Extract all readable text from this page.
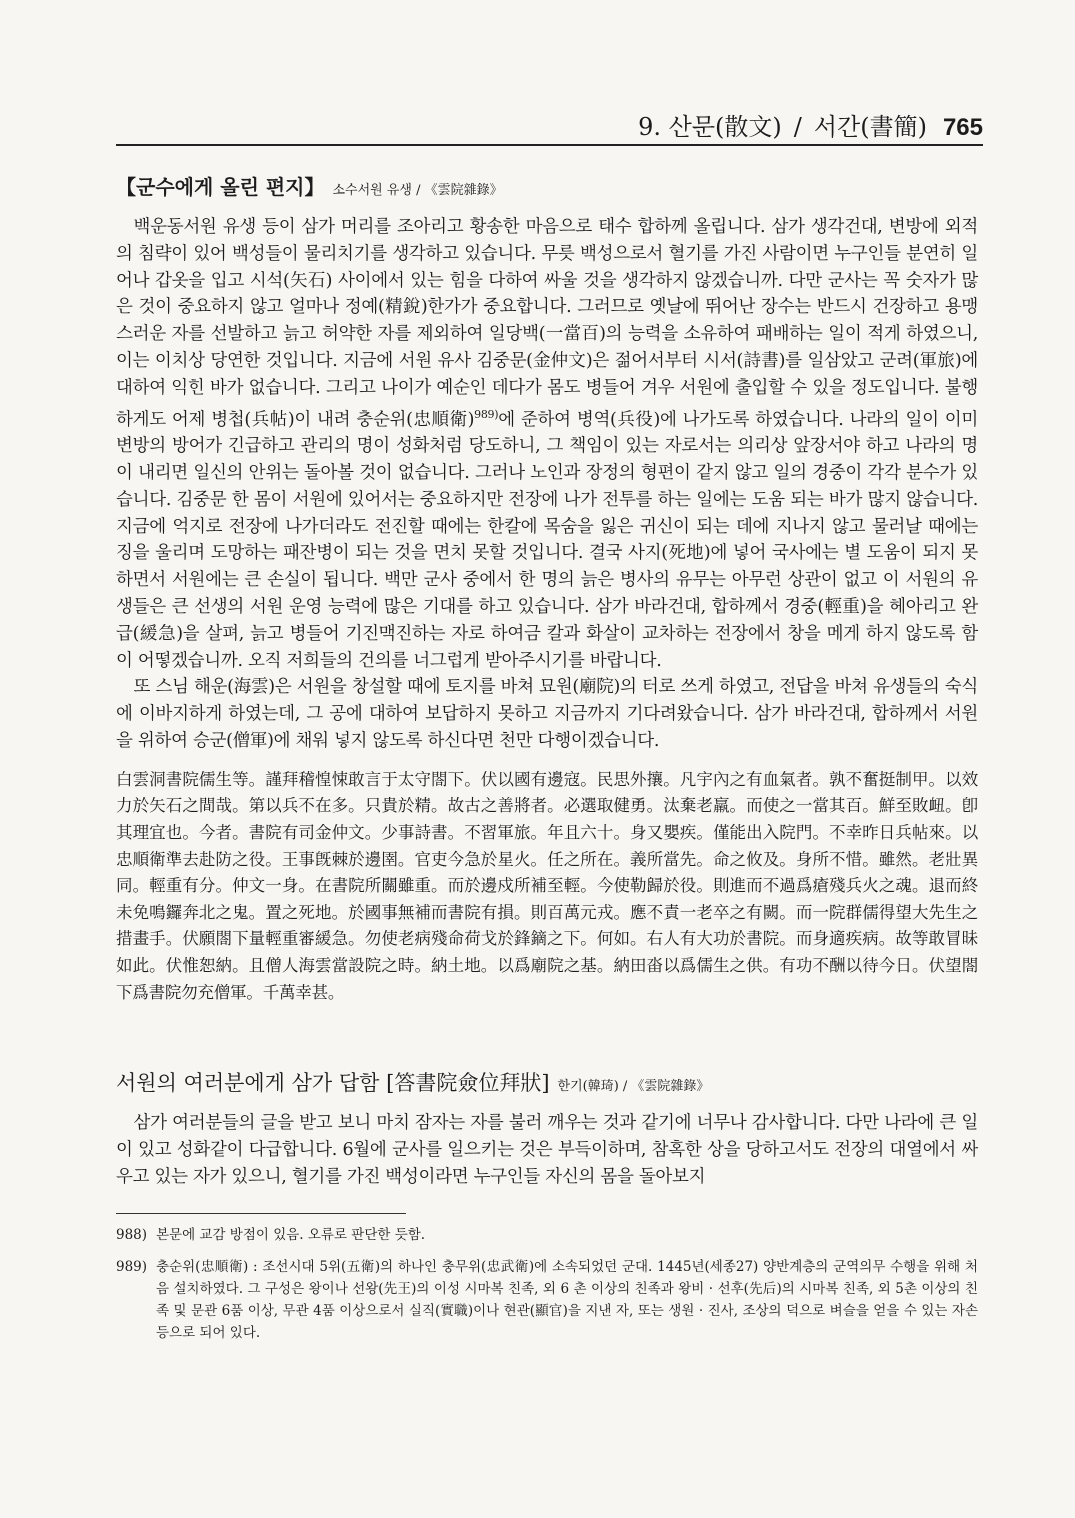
9. 산문(散文) / 서간(書簡) 765
【군수에게 올린 편지】 소수서원 유생 / 《雲院雜錄》

백운동서원 유생 등이 삼가 머리를 조아리고 황송한 마음으로 태수 합하께 올립니다. 삼가 생각건대, 변방에 외적의 침략이 있어 백성들이 물리치기를 생각하고 있습니다. 무릇 백성으로서 혈기를 가진 사람이면 누구인들 분연히 일어나 갑옷을 입고 시석(矢石) 사이에서 있는 힘을 다하여 싸울 것을 생각하지 않겠습니까. 다만 군사는 꼭 숫자가 많은 것이 중요하지 않고 얼마나 정예(精銳)한가가 중요합니다. 그러므로 옛날에 뛰어난 장수는 반드시 건장하고 용맹스러운 자를 선발하고 늙고 허약한 자를 제외하여 일당백(一當百)의 능력을 소유하여 패배하는 일이 적게 하였으니, 이는 이치상 당연한 것입니다. 지금에 서원 유사 김중문(金仲文)은 젊어서부터 시서(詩書)를 일삼았고 군려(軍旅)에 대하여 익힌 바가 없습니다. 그리고 나이가 예순인 데다가 몸도 병들어 겨우 서원에 출입할 수 있을 정도입니다. 불행하게도 어제 병첩(兵帖)이 내려 충순위(忠順衛)$^{989)}$에 준하여 병역(兵役)에 나가도록 하였습니다. 나라의 일이 이미 변방의 방어가 긴급하고 관리의 명이 성화처럼 당도하니, 그 책임이 있는 자로서는 의리상 앞장서야 하고 나라의 명이 내리면 일신의 안위는 돌아볼 것이 없습니다. 그러나 노인과 장정의 형편이 같지 않고 일의 경중이 각각 분수가 있습니다. 김중문 한 몸이 서원에 있어서는 중요하지만 전장에 나가 전투를 하는 일에는 도움 되는 바가 많지 않습니다. 지금에 억지로 전장에 나가더라도 전진할 때에는 한칼에 목숨을 잃은 귀신이 되는 데에 지나지 않고 물러날 때에는 징을 울리며 도망하는 패잔병이 되는 것을 면치 못할 것입니다. 결국 사지(死地)에 넣어 국사에는 별 도움이 되지 못하면서 서원에는 큰 손실이 됩니다. 백만 군사 중에서 한 명의 늙은 병사의 유무는 아무런 상관이 없고 이 서원의 유생들은 큰 선생의 서원 운영 능력에 많은 기대를 하고 있습니다. 삼가 바라건대, 합하께서 경중(輕重)을 헤아리고 완급(緩急)을 살펴, 늙고 병들어 기진맥진하는 자로 하여금 칼과 화살이 교차하는 전장에서 창을 메게 하지 않도록 함이 어떻겠습니까. 오직 저희들의 건의를 너그럽게 받아주시기를 바랍니다.

또 스님 해운(海雲)은 서원을 창설할 때에 토지를 바쳐 묘원(廟院)의 터로 쓰게 하였고, 전답을 바쳐 유생들의 숙식에 이바지하게 하였는데, 그 공에 대하여 보답하지 못하고 지금까지 기다려왔습니다. 삼가 바라건대, 합하께서 서원을 위하여 승군(僧軍)에 채워 넣지 않도록 하신다면 천만 다행이겠습니다.

白雲洞書院儒生等。謹拜稽惶悚敢言于太守閤下。伏以國有邊寇。民思外攘。凡宇內之有血氣者。孰不奮挺制甲。以效力於矢石之間哉。第以兵不在多。只貴於精。故古之善將者。必選取健勇。汰棄老羸。而使之一當其百。鮮至敗衄。卽其理宜也。今者。書院有司金仲文。少事詩書。不習軍旅。年且六十。身又嬰疾。僅能出入院門。不幸昨日兵帖來。以忠順衛準去赴防之役。王事旣棘於邊圉。官吏今急於星火。任之所在。義所當先。命之攸及。身所不惜。雖然。老壯異同。輕重有分。仲文一身。在書院所關雖重。而於邊戍所補至輕。今使勒歸於役。則進而不過爲瘡殘兵火之魂。退而終未免鳴鑼奔北之鬼。置之死地。於國事無補而書院有損。則百萬元戎。應不責一老卒之有闕。而一院群儒得望大先生之措畫手。伏願閤下量輕重審緩急。勿使老病殘命荷戈於鋒鏑之下。何如。右人有大功於書院。而身適疾病。故等敢冒昧如此。伏惟恕納。且僧人海雲當設院之時。納土地。以爲廟院之基。納田畓以爲儒生之供。有功不酬以待今日。伏望閤下爲書院勿充僧軍。千萬幸甚。

서원의 여러분에게 삼가 답함 [答書院僉位拜狀] 한기(韓琦) / 《雲院雜錄》

삼가 여러분들의 글을 받고 보니 마치 잠자는 자를 불러 깨우는 것과 같기에 너무나 감사합니다. 다만 나라에 큰 일이 있고 성화같이 다급합니다. 6월에 군사를 일으키는 것은 부득이하며, 참혹한 상을 당하고서도 전장의 대열에서 싸우고 있는 자가 있으니, 혈기를 가진 백성이라면 누구인들 자신의 몸을 돌아보지

988) 본문에 교감 방점이 있음. 오류로 판단한 듯함.
989) 충순위(忠順衛) : 조선시대 5위(五衛)의 하나인 충무위(忠武衛)에 소속되었던 군대. 1445년(세종27) 양반계층의 군역의무 수행을 위해 처음 설치하였다. 그 구성은 왕이나 선왕(先王)의 이성 시마복 친족, 외 6 촌 이상의 친족과 왕비 · 선후(先后)의 시마복 친족, 외 5촌 이상의 친족 및 문관 6품 이상, 무관 4품 이상으로서 실직(實職)이나 현관(顯官)을 지낸 자, 또는 생원 · 진사, 조상의 덕으로 벼슬을 얻을 수 있는 자손 등으로 되어 있다.
